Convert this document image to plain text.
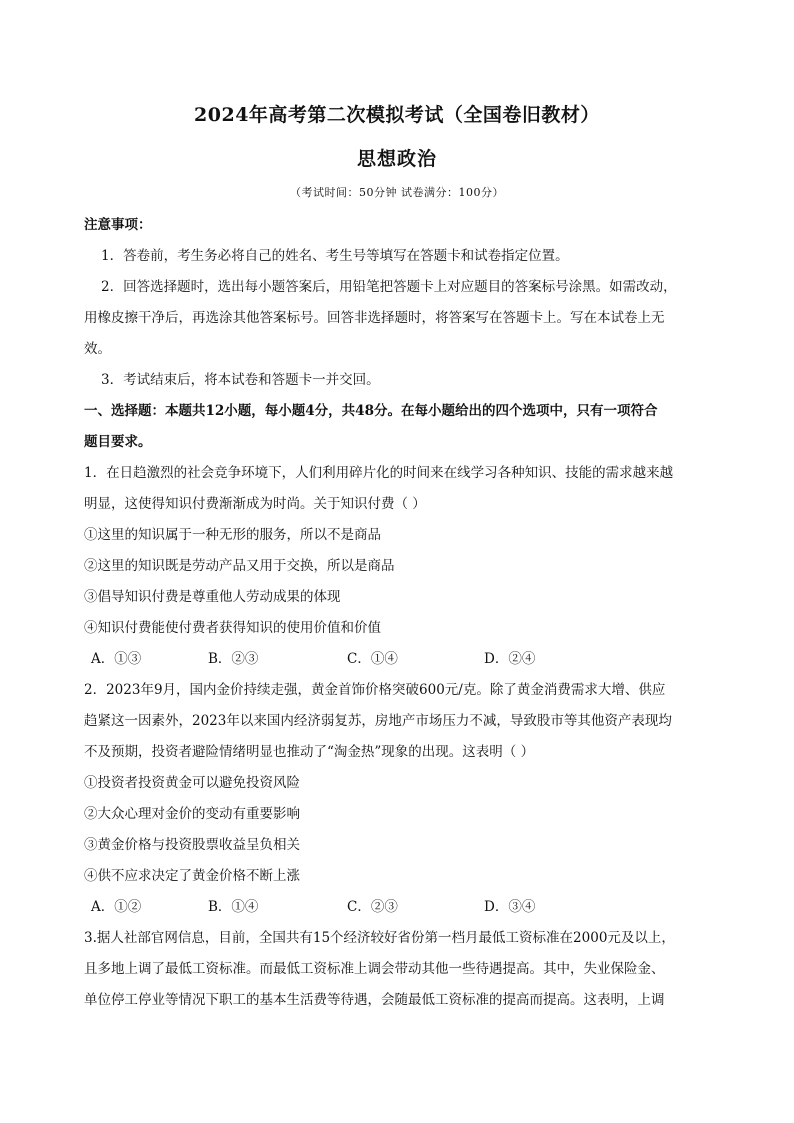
2024年高考第二次模拟考试（全国卷旧教材）
思想政治
（考试时间：50分钟 试卷满分：100分）
注意事项：
1．答卷前，考生务必将自己的姓名、考生号等填写在答题卡和试卷指定位置。
2．回答选择题时，选出每小题答案后，用铅笔把答题卡上对应题目的答案标号涂黑。如需改动，
用橡皮擦干净后，再选涂其他答案标号。回答非选择题时，将答案写在答题卡上。写在本试卷上无
效。
3．考试结束后，将本试卷和答题卡一并交回。
一、选择题：本题共12小题，每小题4分，共48分。在每小题给出的四个选项中，只有一项符合
题目要求。
1．在日趋激烈的社会竞争环境下，人们利用碎片化的时间来在线学习各种知识、技能的需求越来越
明显，这使得知识付费渐渐成为时尚。关于知识付费（ ）
①这里的知识属于一种无形的服务，所以不是商品
②这里的知识既是劳动产品又用于交换，所以是商品
③倡导知识付费是尊重他人劳动成果的体现
④知识付费能使付费者获得知识的使用价值和价值
A．①③	B．②③	C．①④	D．②④
2．2023年9月，国内金价持续走强，黄金首饰价格突破600元/克。除了黄金消费需求大增、供应
趋紧这一因素外，2023年以来国内经济弱复苏，房地产市场压力不减，导致股市等其他资产表现均
不及预期，投资者避险情绪明显也推动了“淘金热”现象的出现。这表明（ ）
①投资者投资黄金可以避免投资风险
②大众心理对金价的变动有重要影响
③黄金价格与投资股票收益呈负相关
④供不应求决定了黄金价格不断上涨
A．①②	B．①④	C．②③	D．③④
3.据人社部官网信息，目前，全国共有15个经济较好省份第一档月最低工资标准在2000元及以上，
且多地上调了最低工资标准。而最低工资标准上调会带动其他一些待遇提高。其中，失业保险金、
单位停工停业等情况下职工的基本生活费等待遇，会随最低工资标准的提高而提高。这表明，上调
